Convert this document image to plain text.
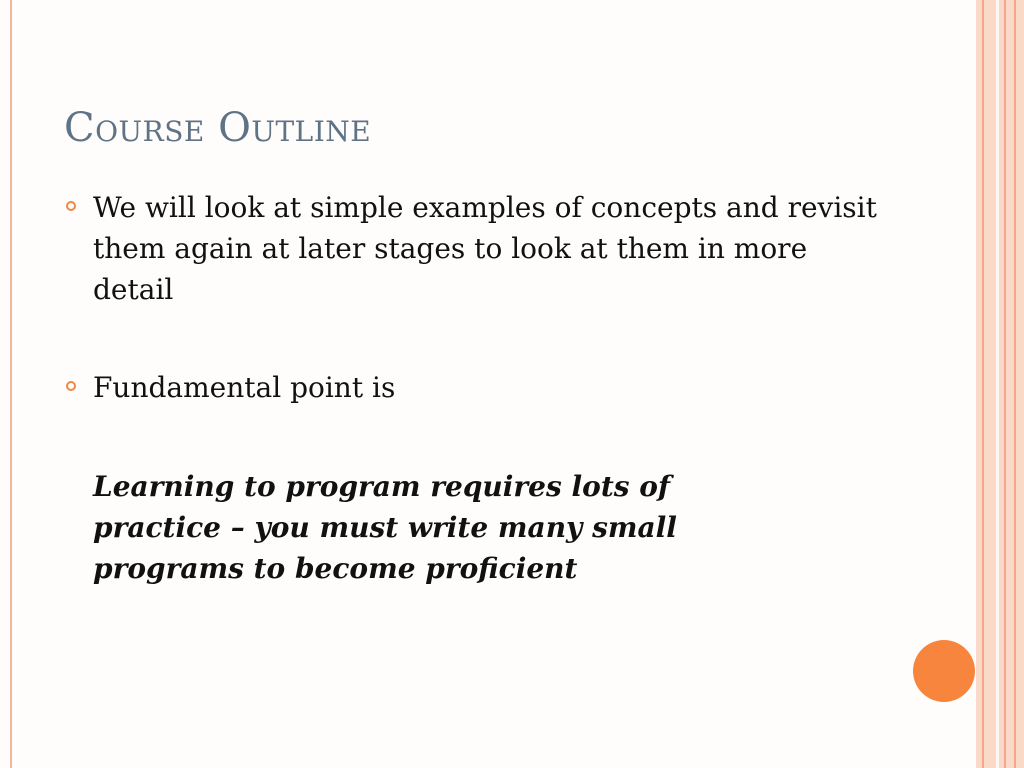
Course Outline

We will look at simple examples of concepts and revisit them again at later stages to look at them in more detail

Fundamental point is

Learning to program requires lots of practice – you must write many small programs to become proficient
